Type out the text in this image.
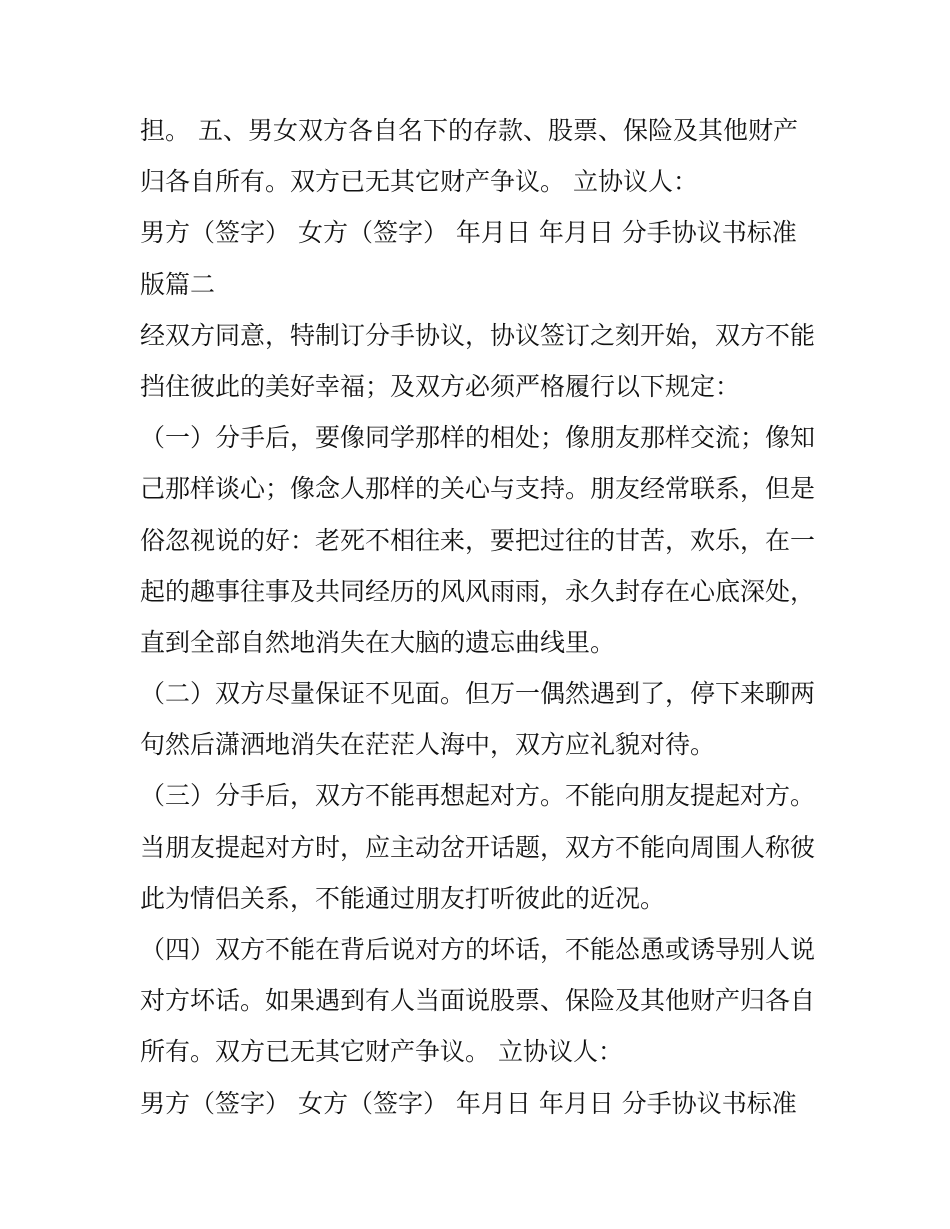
担。 五、男女双方各自名下的存款、股票、保险及其他财产
归各自所有。双方已无其它财产争议。 立协议人：
男方（签字） 女方（签字） 年月日 年月日 分手协议书标准
版篇二
经双方同意，特制订分手协议，协议签订之刻开始，双方不能
挡住彼此的美好幸福；及双方必须严格履行以下规定：
（一）分手后，要像同学那样的相处；像朋友那样交流；像知
己那样谈心；像念人那样的关心与支持。朋友经常联系，但是
俗忽视说的好：老死不相往来，要把过往的甘苦，欢乐，在一
起的趣事往事及共同经历的风风雨雨，永久封存在心底深处，
直到全部自然地消失在大脑的遗忘曲线里。
（二）双方尽量保证不见面。但万一偶然遇到了，停下来聊两
句然后潇洒地消失在茫茫人海中，双方应礼貌对待。
（三）分手后，双方不能再想起对方。不能向朋友提起对方。
当朋友提起对方时，应主动岔开话题，双方不能向周围人称彼
此为情侣关系，不能通过朋友打听彼此的近况。
（四）双方不能在背后说对方的坏话，不能怂恿或诱导别人说
对方坏话。如果遇到有人当面说股票、保险及其他财产归各自
所有。双方已无其它财产争议。 立协议人：
男方（签字） 女方（签字） 年月日 年月日 分手协议书标准
